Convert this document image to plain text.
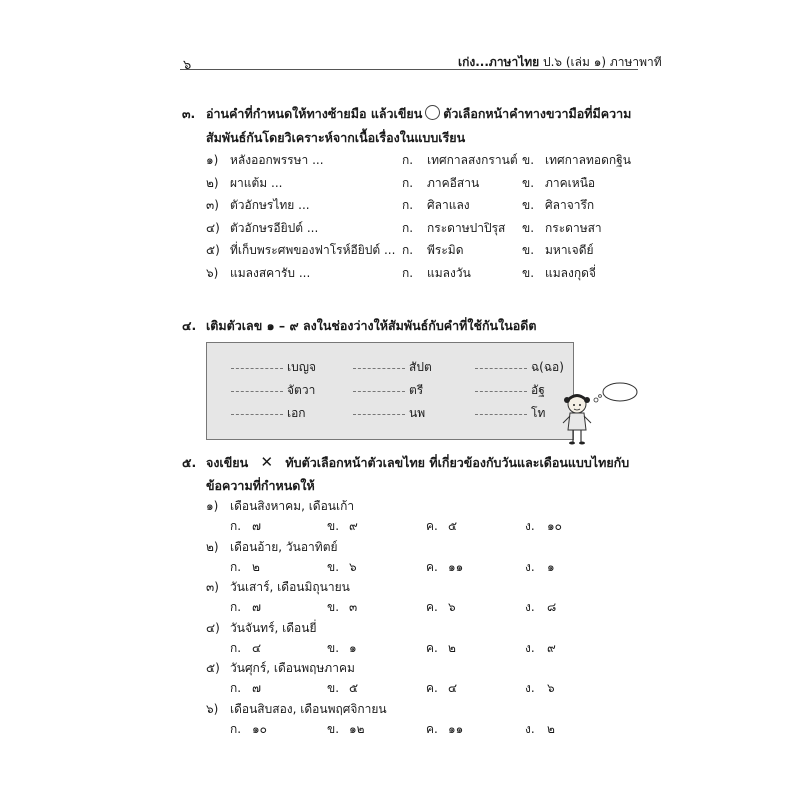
๖	เก่ง...ภาษาไทย ป.๖ (เล่ม ๑) ภาษาพาที
๓. อ่านคำที่กำหนดให้ทางซ้ายมือ แล้วเขียน ตัวเลือกหน้าคำทางขวามือที่มีความ
สัมพันธ์กันโดยวิเคราะห์จากเนื้อเรื่องในแบบเรียน
๑) หลังออกพรรษา ...	ก. เทศกาลสงกรานต์ ข. เทศกาลทอดกฐิน
๒) ผาแต้ม ...	ก. ภาคอีสาน	ข. ภาคเหนือ
๓) ตัวอักษรไทย ...	ก. ศิลาแลง	ข. ศิลาจารึก
๔) ตัวอักษรอียิปต์ ...	ก. กระดาษปาปิรุส ข. กระดาษสา
๕) ที่เก็บพระศพของฟาโรห์อียิปต์ ... ก. พีระมิด	ข. มหาเจดีย์
๖) แมลงสคารับ ...	ก. แมลงวัน	ข. แมลงกุดจี่
๔. เติมตัวเลข ๑ – ๙ ลงในช่องว่างให้สัมพันธ์กับคำที่ใช้กันในอดีต
เบญจ	สัปต	ฉ(ฉอ)
จัตวา	ตรี	อัฐ
เอก	นพ	โท
๕. จงเขียน ✕ ทับตัวเลือกหน้าตัวเลขไทย ที่เกี่ยวข้องกับวันและเดือนแบบไทยกับ
ข้อความที่กำหนดให้
๑) เดือนสิงหาคม, เดือนเก้า
ก. ๗	ข. ๙	ค. ๕	ง. ๑๐
๒) เดือนอ้าย, วันอาทิตย์
ก. ๒	ข. ๖	ค. ๑๑	ง. ๑
๓) วันเสาร์, เดือนมิถุนายน
ก. ๗	ข. ๓	ค. ๖	ง. ๘
๔) วันจันทร์, เดือนยี่
ก. ๔	ข. ๑	ค. ๒	ง. ๙
๕) วันศุกร์, เดือนพฤษภาคม
ก. ๗	ข. ๕	ค. ๔	ง. ๖
๖) เดือนสิบสอง, เดือนพฤศจิกายน
ก. ๑๐	ข. ๑๒	ค. ๑๑	ง. ๒
